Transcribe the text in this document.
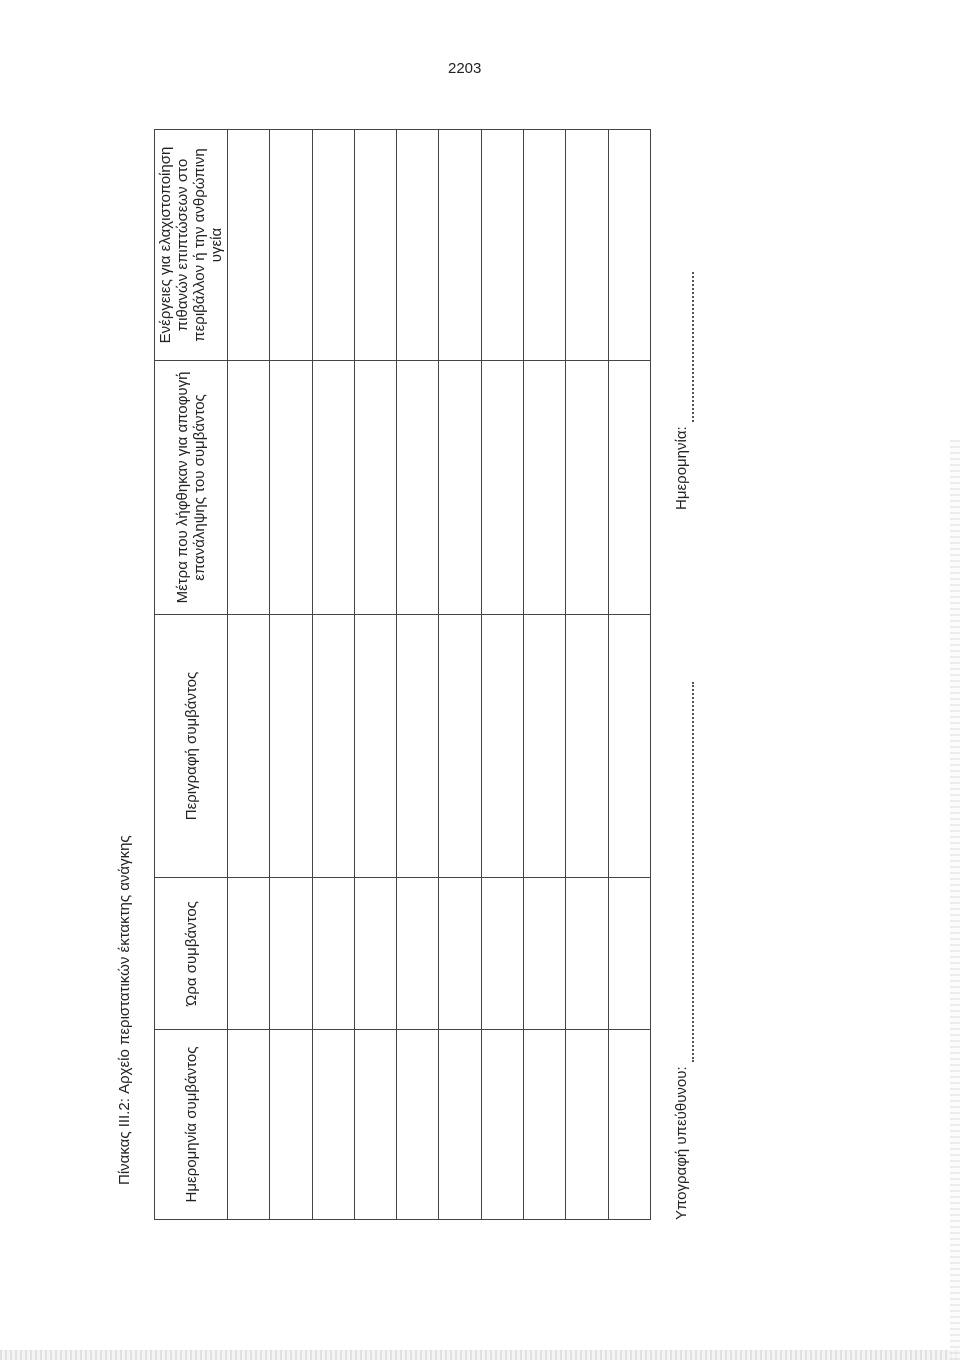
2203
Πίνακας III.2: Αρχείο περιστατικών έκτακτης ανάγκης	Ημερομηνία συμβάντος	Ώρα συμβάντος	Περιγραφή συμβάντος	Μέτρα που λήφθηκαν για αποφυγή επανάληψης του συμβάντος	Ενέργειες για ελαχιστοποίηση πιθανών επιπτώσεων στο περιβάλλον ή την ανθρώπινη υγεία

Υπογραφή υπεύθυνου:
Ημερομηνία:
